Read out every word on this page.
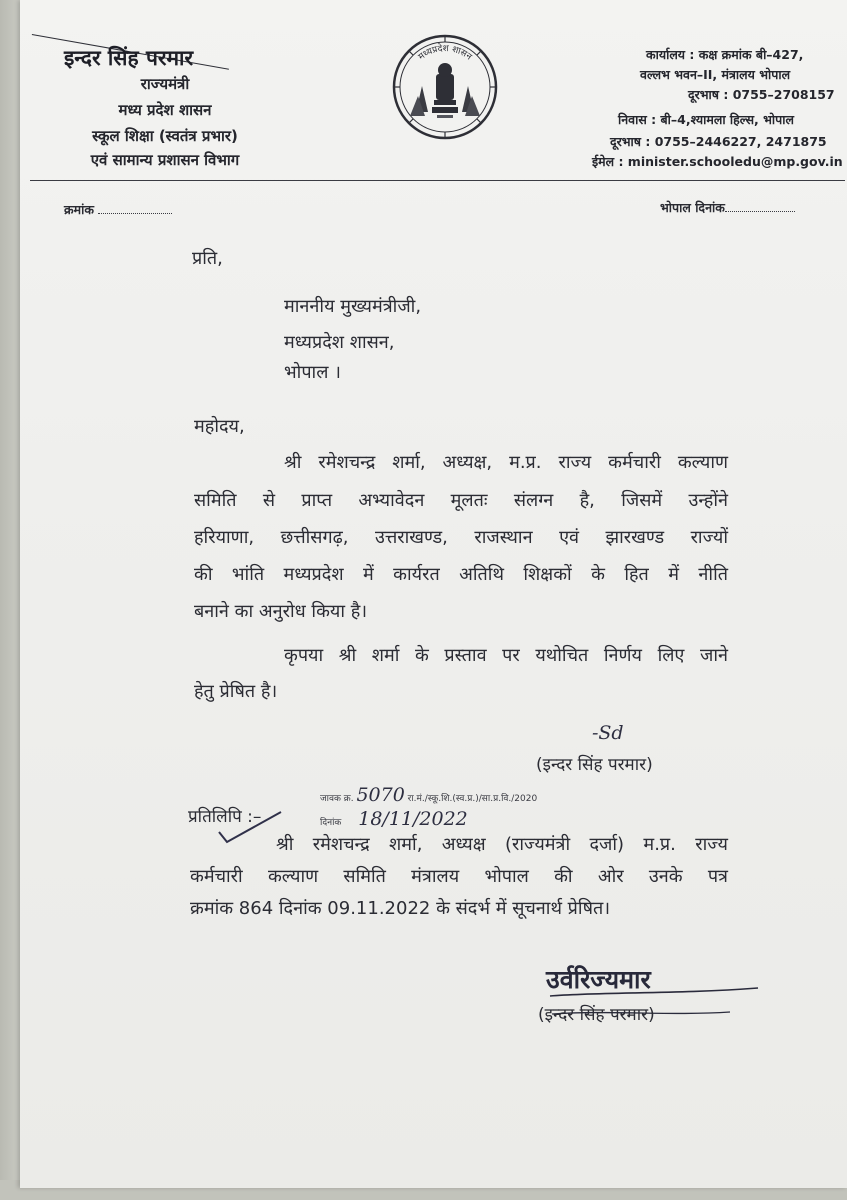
इन्दर सिंह परमार
राज्यमंत्री
मध्य प्रदेश शासन
स्कूल शिक्षा (स्वतंत्र प्रभार)
एवं सामान्य प्रशासन विभाग
मध्यप्रदेश शासन	कार्यालय : कक्ष क्रमांक बी–427,
वल्लभ भवन–II, मंत्रालय भोपाल
दूरभाष : 0755–2708157
निवास : बी–4,श्यामला हिल्स, भोपाल
दूरभाष : 0755–2446227, 2471875
ईमेल : minister.schooledu@mp.gov.in
क्रमांक	भोपाल दिनांक
प्रति,
माननीय मुख्यमंत्रीजी,
मध्यप्रदेश शासन,
भोपाल ।
महोदय,
श्री रमेशचन्द्र शर्मा, अध्यक्ष, म.प्र. राज्य कर्मचारी कल्याण
समिति से प्राप्त अभ्यावेदन मूलतः संलग्न है, जिसमें उन्होंने
हरियाणा, छत्तीसगढ़, उत्तराखण्ड, राजस्थान एवं झारखण्ड राज्यों
की भांति मध्यप्रदेश में कार्यरत अतिथि शिक्षकों के हित में नीति
बनाने का अनुरोध किया है।
कृपया श्री शर्मा के प्रस्ताव पर यथोचित निर्णय लिए जाने
हेतु प्रेषित है।
-Sd
(इन्दर सिंह परमार)
जावक क्र. 5070 रा.मं./स्कू.शि.(स्व.प्र.)/सा.प्र.वि./2020
प्रतिलिपि :–	दिनांक 18/11/2022
श्री रमेशचन्द्र शर्मा, अध्यक्ष (राज्यमंत्री दर्जा) म.प्र. राज्य
कर्मचारी कल्याण समिति मंत्रालय भोपाल की ओर उनके पत्र
क्रमांक 864 दिनांक 09.11.2022 के संदर्भ में सूचनार्थ प्रेषित।
उर्वरिज्यमार
(इन्दर सिंह परमार)
